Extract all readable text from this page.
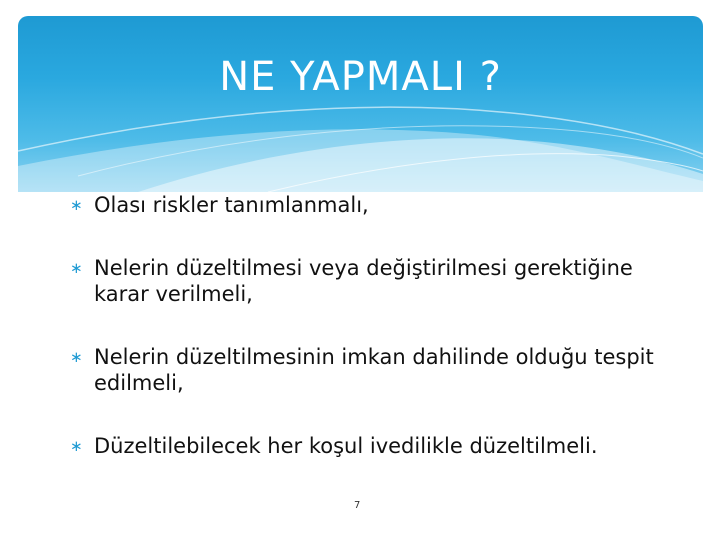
NE YAPMALI ?
∗ Olası riskler tanımlanmalı,
∗ Nelerin düzeltilmesi veya değiştirilmesi gerektiğine karar verilmeli,
∗ Nelerin düzeltilmesinin imkan dahilinde olduğu tespit edilmeli,
∗ Düzeltilebilecek her koşul ivedilikle düzeltilmeli.
7
